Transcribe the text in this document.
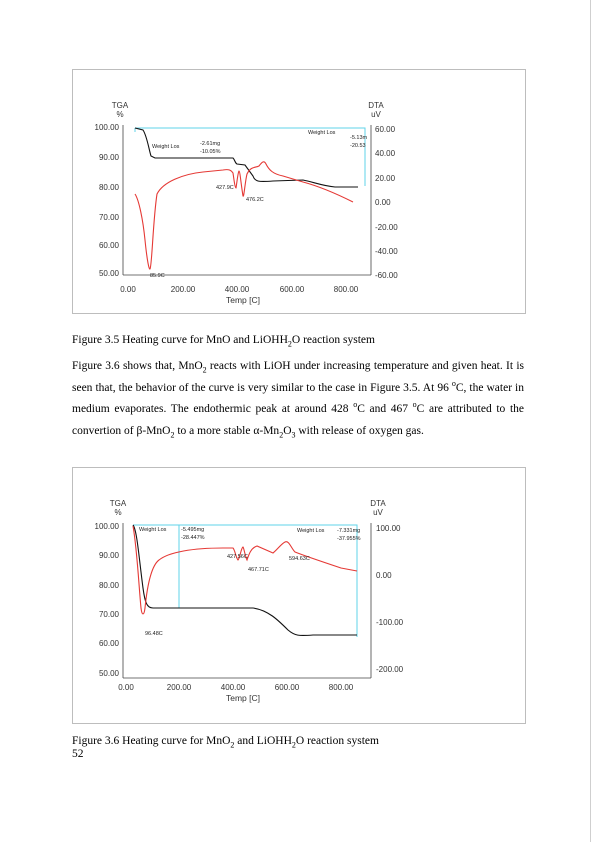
TGA
%
DTA
uV
100.00
90.00
80.00
70.00
60.00
50.00
60.00
40.00
20.00
0.00
-20.00
-40.00
-60.00
0.00	200.00	400.00	600.00	800.00
Temp [C]
Weight Los	-2.61mg
-10.05%
Weight Los
-5.13m
-20.53
85.9C
427.9C
476.2C
Figure 3.5 Heating curve for MnO and LiOHH$_2$O reaction system

Figure 3.6 shows that, MnO$_2$ reacts with LiOH under increasing temperature and given heat. It is seen that, the behavior of the curve is very similar to the case in Figure 3.5. At 96 $^o$C, the water in medium evaporates. The endothermic peak at around 428 $^o$C and 467 $^o$C are attributed to the convertion of β-MnO$_2$ to a more stable $\alpha-Mn_2O_3$ with release of oxygen gas.

TGA
%
DTA
uV
100.00
90.00
80.00
70.00
60.00
50.00
100.00
0.00
-100.00
-200.00
0.00	200.00	400.00	600.00	800.00
Temp [C]
Weight Los	-5.495mg
-28.447%
Weight Los -7.331mg
-37.955%
96.48C
427.56C
467.71C
594.63C
Figure 3.6 Heating curve for MnO$_2$ and LiOHH$_2$O reaction system
52
